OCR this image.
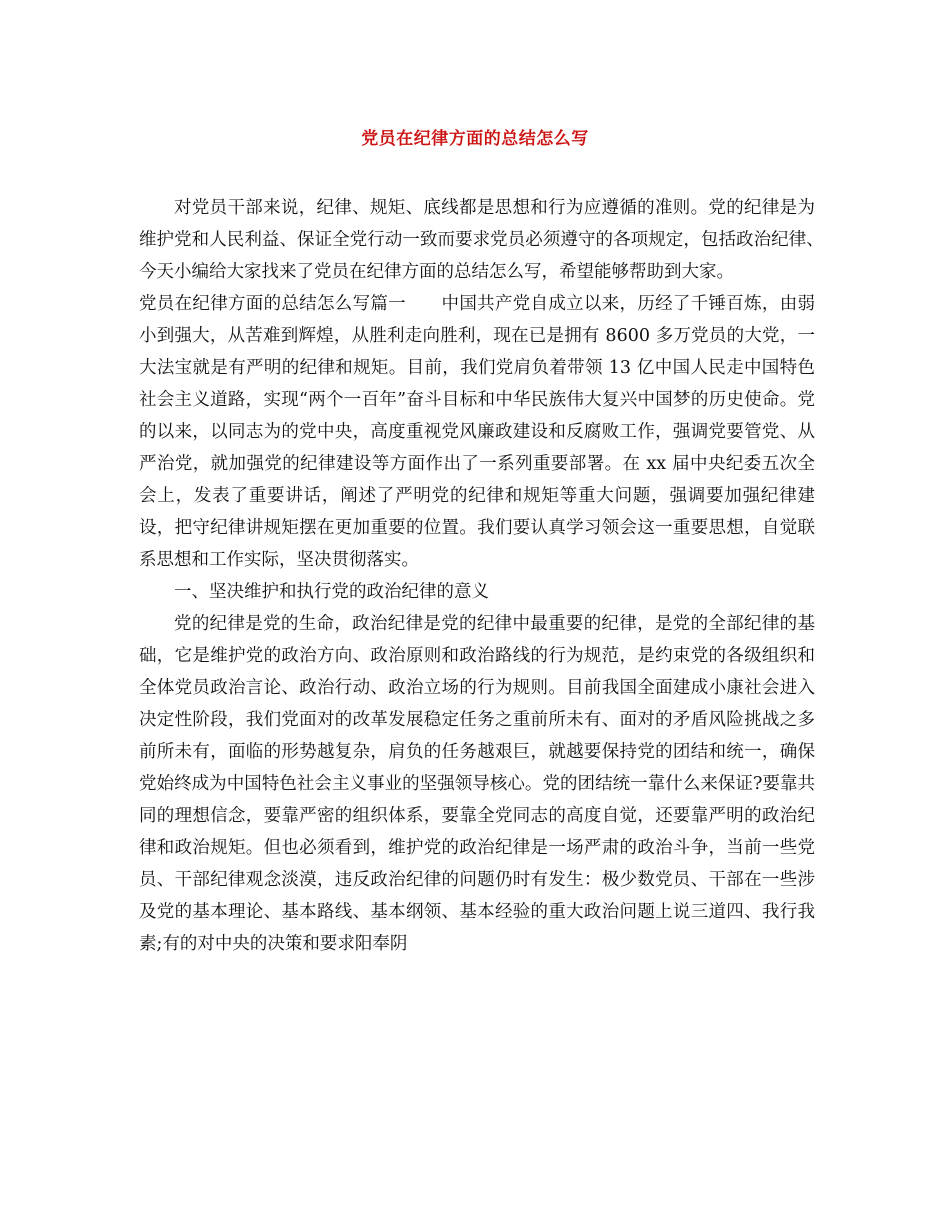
党员在纪律方面的总结怎么写

对党员干部来说，纪律、规矩、底线都是思想和行为应遵循的准则。党的纪律是为维护党和人民利益、保证全党行动一致而要求党员必须遵守的各项规定，包括政治纪律、　 今天小编给大家找来了党员在纪律方面的总结怎么写，希望能够帮助到大家。

党员在纪律方面的总结怎么写篇一　　中国共产党自成立以来，历经了千锤百炼，由弱小到强大，从苦难到辉煌，从胜利走向胜利，现在已是拥有 8600 多万党员的大党，一大法宝就是有严明的纪律和规矩。目前，我们党肩负着带领 13 亿中国人民走中国特色社会主义道路，实现“两个一百年”奋斗目标和中华民族伟大复兴中国梦的历史使命。党的以来，以同志为的党中央，高度重视党风廉政建设和反腐败工作，强调党要管党、从严治党，就加强党的纪律建设等方面作出了一系列重要部署。在 xx 届中央纪委五次全会上，发表了重要讲话，阐述了严明党的纪律和规矩等重大问题，强调要加强纪律建设，把守纪律讲规矩摆在更加重要的位置。我们要认真学习领会这一重要思想，自觉联系思想和工作实际，坚决贯彻落实。

一、坚决维护和执行党的政治纪律的意义

党的纪律是党的生命，政治纪律是党的纪律中最重要的纪律，是党的全部纪律的基础，它是维护党的政治方向、政治原则和政治路线的行为规范，是约束党的各级组织和全体党员政治言论、政治行动、政治立场的行为规则。目前我国全面建成小康社会进入决定性阶段，我们党面对的改革发展稳定任务之重前所未有、面对的矛盾风险挑战之多前所未有，面临的形势越复杂，肩负的任务越艰巨，就越要保持党的团结和统一，确保党始终成为中国特色社会主义事业的坚强领导核心。党的团结统一靠什么来保证?要靠共同的理想信念，要靠严密的组织体系，要靠全党同志的高度自觉，还要靠严明的政治纪律和政治规矩。但也必须看到，维护党的政治纪律是一场严肃的政治斗争，当前一些党员、干部纪律观念淡漠，违反政治纪律的问题仍时有发生：极少数党员、干部在一些涉及党的基本理论、基本路线、基本纲领、基本经验的重大政治问题上说三道四、我行我素;有的对中央的决策和要求阳奉阴
